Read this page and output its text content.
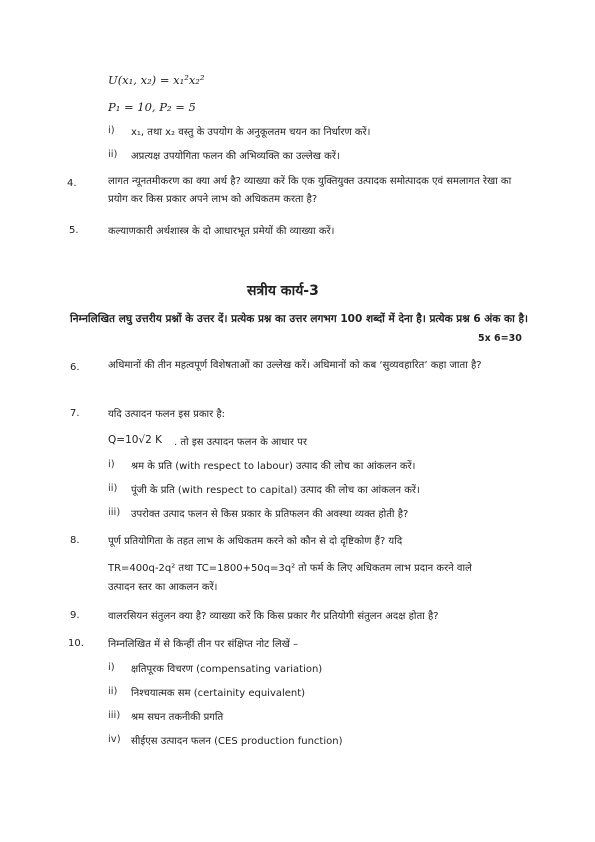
U(x₁, x₂) = x₁²x₂²
P₁ = 10, P₂ = 5
i) x₁, तथा x₂ वस्तु के उपयोग के अनुकूलतम चयन का निर्धारण करें।
ii) अप्रत्यक्ष उपयोगिता फलन की अभिव्यक्ति का उल्लेख करें।
4.	लागत न्यूनतमीकरण का क्या अर्थ है? व्याख्या करें कि एक युक्तियुक्त उत्पादक समोत्पादक एवं समलागत रेखा का प्रयोग कर किस प्रकार अपने लाभ को अधिकतम करता है?
5.	कल्याणकारी अर्थशास्त्र के दो आधारभूत प्रमेयों की व्याख्या करें।
सत्रीय कार्य-3
निम्नलिखित लघु उत्तरीय प्रश्नों के उत्तर दें। प्रत्येक प्रश्न का उत्तर लगभग 100 शब्दों में देना है। प्रत्येक प्रश्न 6 अंक का है।
5x 6=30
6.	अधिमानों की तीन महत्वपूर्ण विशेषताओं का उल्लेख करें। अधिमानों को कब ‘सुव्यवहारित’ कहा जाता है?
7.	यदि उत्पादन फलन इस प्रकार है:
Q=10√2 K . तो इस उत्पादन फलन के आधार पर
i) श्रम के प्रति (with respect to labour) उत्पाद की लोच का आंकलन करें।
ii) पूंजी के प्रति (with respect to capital) उत्पाद की लोच का आंकलन करें।
iii) उपरोक्त उत्पाद फलन से किस प्रकार के प्रतिफलन की अवस्था व्यक्त होती है?
8.	पूर्ण प्रतियोगिता के तहत लाभ के अधिकतम करने को कौन से दो दृष्टिकोण हैं? यदि
TR=400q-2q² तथा TC=1800+50q=3q² तो फर्म के लिए अधिकतम लाभ प्रदान करने वाले
उत्पादन स्तर का आकलन करें।
9.	वालरसियन संतुलन क्या है? व्याख्या करें कि किस प्रकार गैर प्रतियोगी संतुलन अदक्ष होता है?
10.	निम्नलिखित में से किन्हीं तीन पर संक्षिप्त नोट लिखें –
i) क्षतिपूरक विचरण (compensating variation)
ii) निश्चयात्मक सम (certainity equivalent)
iii) श्रम सघन तकनीकी प्रगति
iv) सीईएस उत्पादन फलन (CES production function)
